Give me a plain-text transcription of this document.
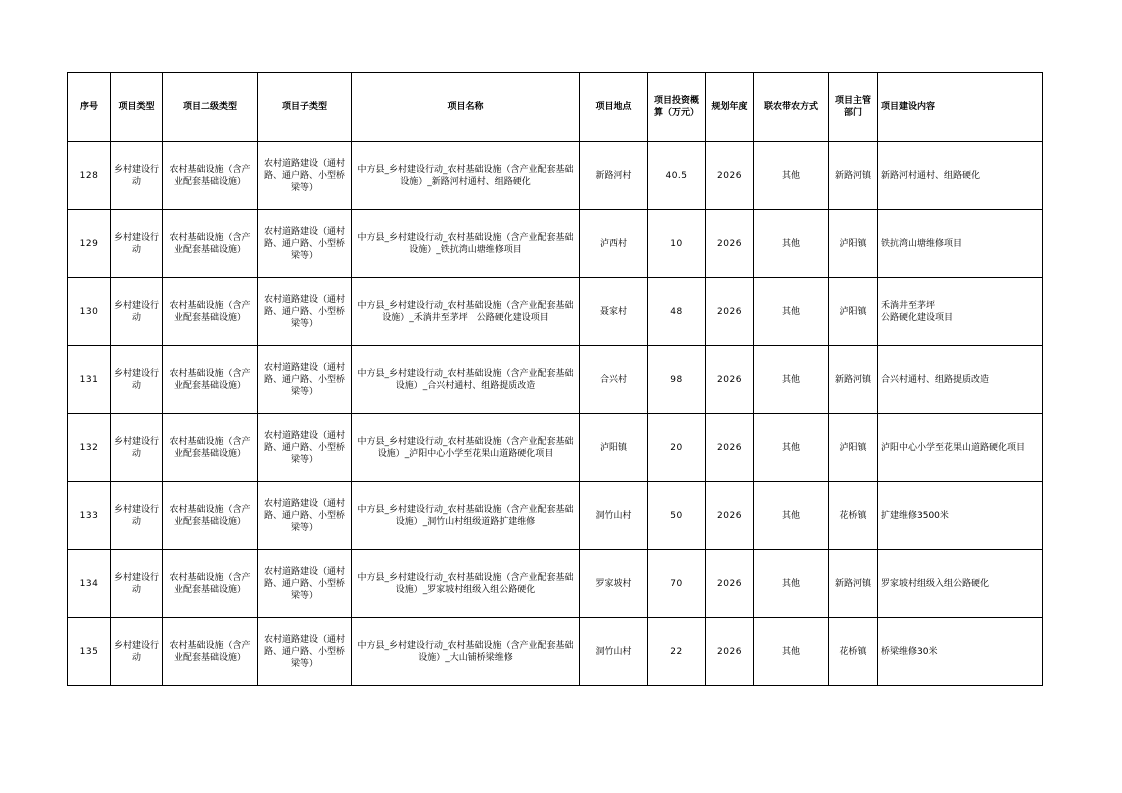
序号	项目类型	项目二级类型	项目子类型	项目名称	项目地点	项目投资概算（万元）	规划年度	联农带农方式	项目主管部门	项目建设内容
128	乡村建设行动	农村基础设施（含产业配套基础设施）	农村道路建设（通村路、通户路、小型桥梁等）	中方县_乡村建设行动_农村基础设施（含产业配套基础设施）_新路河村通村、组路硬化	新路河村	40.5	2026	其他	新路河镇	新路河村通村、组路硬化
129	乡村建设行动	农村基础设施（含产业配套基础设施）	农村道路建设（通村路、通户路、小型桥梁等）	中方县_乡村建设行动_农村基础设施（含产业配套基础设施）_铁抗湾山塘维修项目	泸西村	10	2026	其他	泸阳镇	铁抗湾山塘维修项目
130	乡村建设行动	农村基础设施（含产业配套基础设施）	农村道路建设（通村路、通户路、小型桥梁等）	中方县_乡村建设行动_农村基础设施（含产业配套基础设施）_禾淌井至茅坪　公路硬化建设项目	聂家村	48	2026	其他	泸阳镇	禾淌井至茅坪
公路硬化建设项目
131	乡村建设行动	农村基础设施（含产业配套基础设施）	农村道路建设（通村路、通户路、小型桥梁等）	中方县_乡村建设行动_农村基础设施（含产业配套基础设施）_合兴村通村、组路提质改造	合兴村	98	2026	其他	新路河镇	合兴村通村、组路提质改造
132	乡村建设行动	农村基础设施（含产业配套基础设施）	农村道路建设（通村路、通户路、小型桥梁等）	中方县_乡村建设行动_农村基础设施（含产业配套基础设施）_泸阳中心小学至花果山道路硬化项目	泸阳镇	20	2026	其他	泸阳镇	泸阳中心小学至花果山道路硬化项目
133	乡村建设行动	农村基础设施（含产业配套基础设施）	农村道路建设（通村路、通户路、小型桥梁等）	中方县_乡村建设行动_农村基础设施（含产业配套基础设施）_洞竹山村组级道路扩建维修	洞竹山村	50	2026	其他	花桥镇	扩建维修3500米
134	乡村建设行动	农村基础设施（含产业配套基础设施）	农村道路建设（通村路、通户路、小型桥梁等）	中方县_乡村建设行动_农村基础设施（含产业配套基础设施）_罗家坡村组级入组公路硬化	罗家坡村	70	2026	其他	新路河镇	罗家坡村组级入组公路硬化
135	乡村建设行动	农村基础设施（含产业配套基础设施）	农村道路建设（通村路、通户路、小型桥梁等）	中方县_乡村建设行动_农村基础设施（含产业配套基础设施）_大山铺桥梁维修	洞竹山村	22	2026	其他	花桥镇	桥梁维修30米
